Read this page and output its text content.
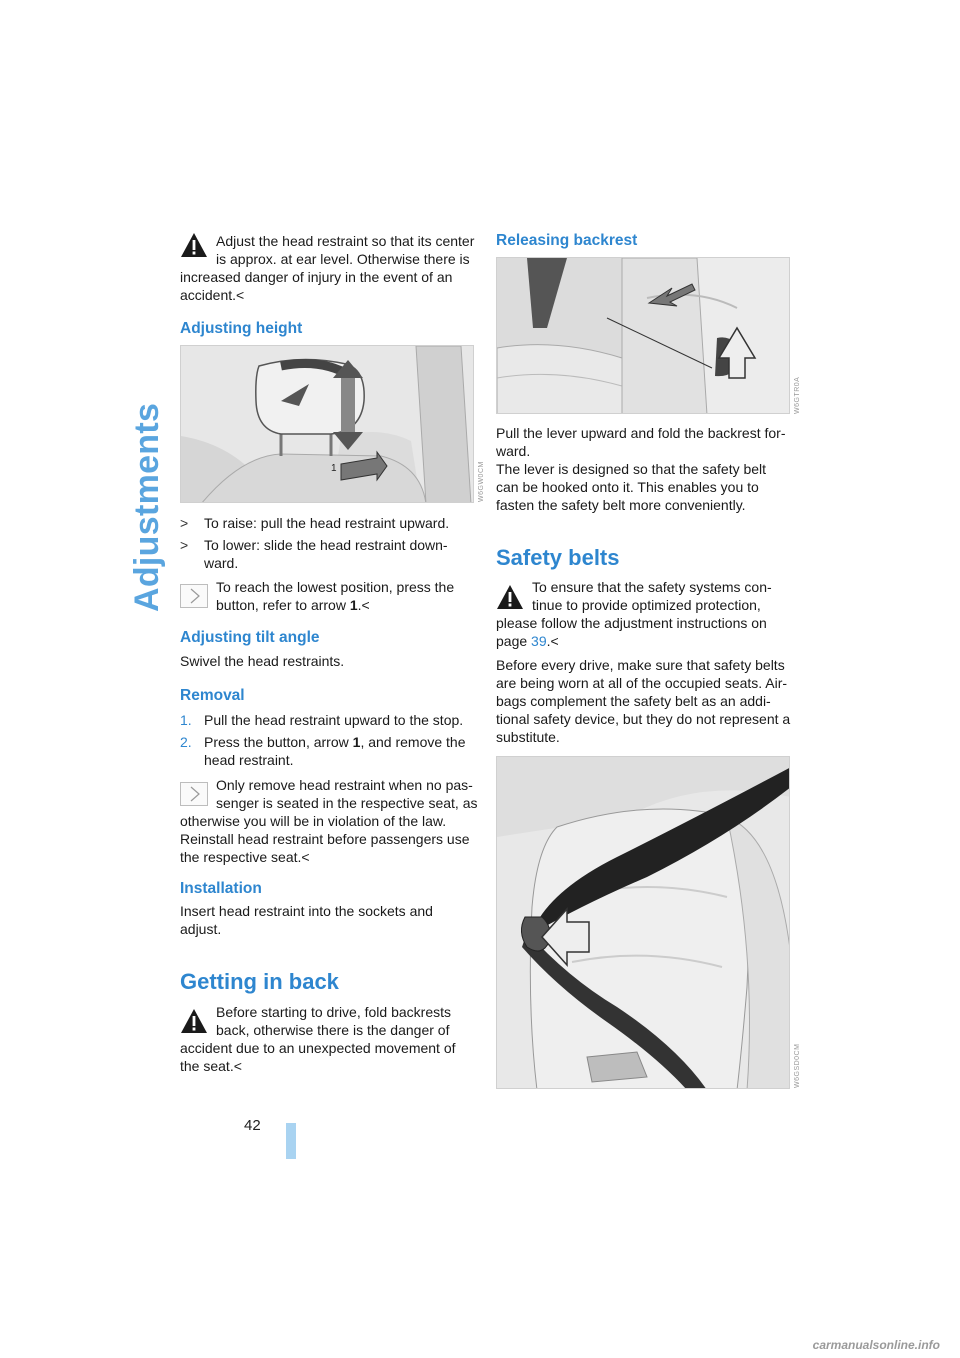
Adjustments

Adjust the head restraint so that its center

is approx. at ear level. Otherwise there is

increased danger of injury in the event of an accident.<

Adjusting height
1	W6GW0CM
>	To raise: pull the head restraint upward.
>	To lower: slide the head restraint down-ward.

To reach the lowest position, press the

button, refer to arrow 1.<

Adjusting tilt angle
Swivel the head restraints.
Removal
1. Pull the head restraint upward to the stop.
2. Press the button, arrow 1, and remove the head restraint.

Only remove head restraint when no pas-

senger is seated in the respective seat, as

otherwise you will be in violation of the law. Reinstall head restraint before passengers use the respective seat.<

Installation
Insert head restraint into the sockets and adjust.
Getting in back

Before starting to drive, fold backrests

back, otherwise there is the danger of

accident due to an unexpected movement of the seat.<

Releasing backrest
W6GTR0A

Pull the lever upward and fold the backrest for-ward.

The lever is designed so that the safety belt can be hooked onto it. This enables you to fasten the safety belt more conveniently.

Safety belts

To ensure that the safety systems con-

tinue to provide optimized protection,

please follow the adjustment instructions on page 39.<

Before every drive, make sure that safety belts are being worn at all of the occupied seats. Air-bags complement the safety belt as an addi-tional safety device, but they do not represent a substitute.
W6GSD0CM
42
carmanualsonline.info
